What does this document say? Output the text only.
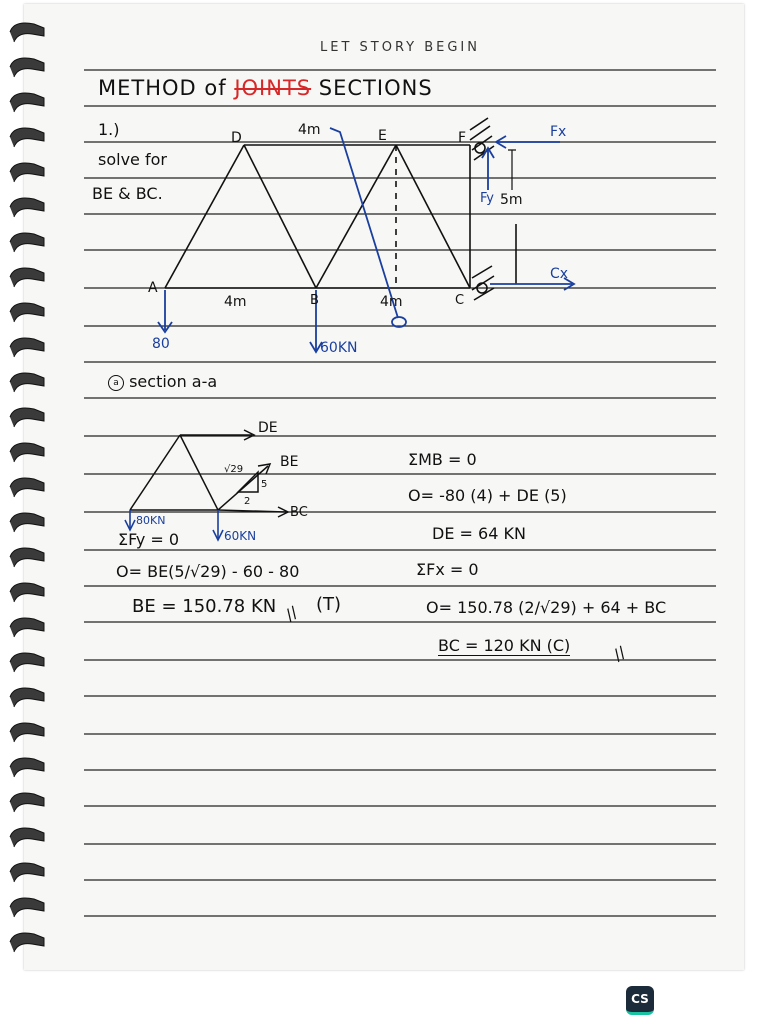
LET STORY BEGIN
METHOD of JOINTS SECTIONS
1.)
solve for
BE & BC.
A
B	C
D	E	F
4m
4m	4m
5m
80	60KN
Fx
Fy
Cx
a section a-a
DE
BE
BC
√29
5
2
80KN
60KN
ΣFy = 0
O= BE(5/√29) - 60 - 80
BE = 150.78 KN // (T)
ΣMB = 0
O= -80 (4) + DE (5)
DE = 64 KN
ΣFx = 0
O= 150.78 (2/√29) + 64 + BC
BC = 120 KN (C) //
CS
